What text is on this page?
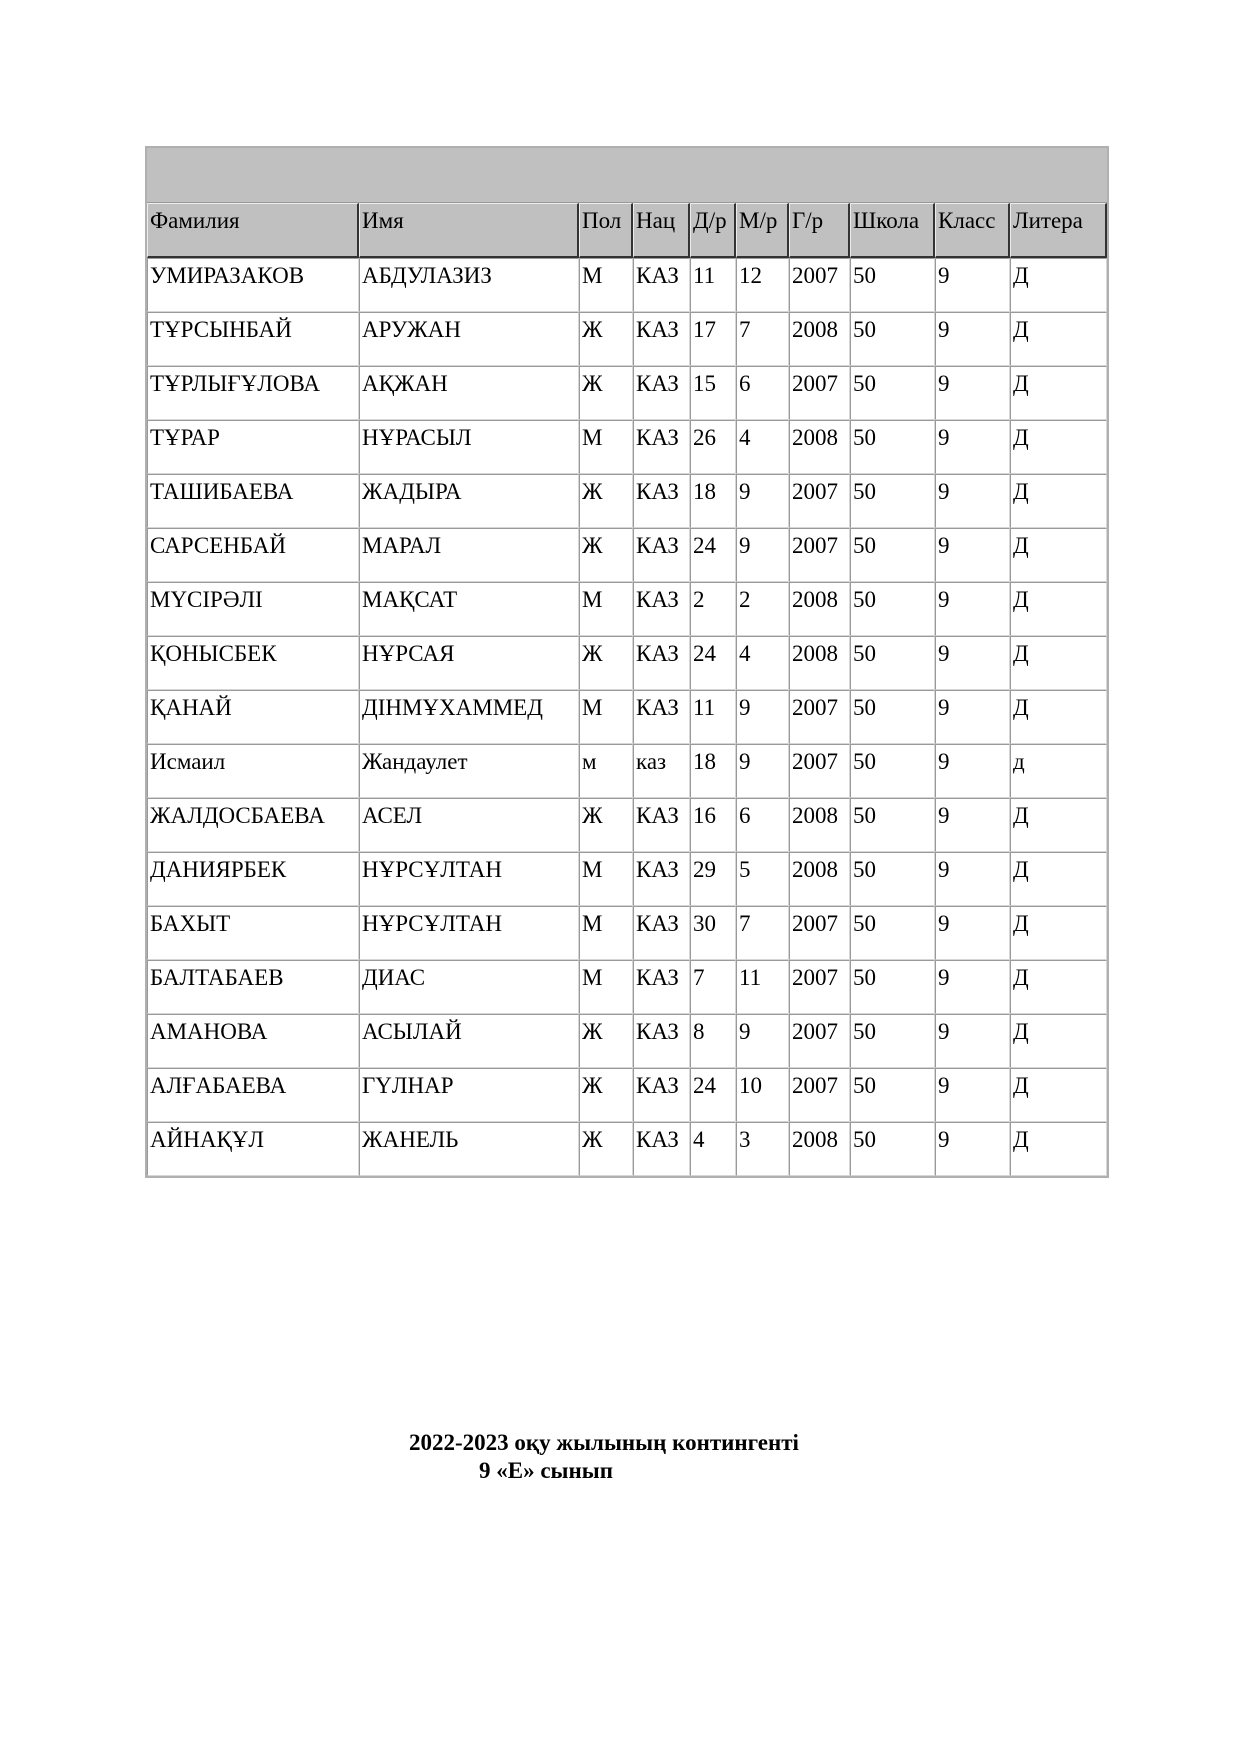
Фамилия	Имя	Пол	Нац	Д/р	М/р	Г/р	Школа	Класс	Литера
УМИРАЗАКОВ	АБДУЛАЗИЗ	М	КАЗ	11	12	2007	50	9	Д
ТҰРСЫНБАЙ	АРУЖАН	Ж	КАЗ	17	7	2008	50	9	Д
ТҰРЛЫҒҰЛОВА	АҚЖАН	Ж	КАЗ	15	6	2007	50	9	Д
ТҰРАР	НҰРАСЫЛ	М	КАЗ	26	4	2008	50	9	Д
ТАШИБАЕВА	ЖАДЫРА	Ж	КАЗ	18	9	2007	50	9	Д
САРСЕНБАЙ	МАРАЛ	Ж	КАЗ	24	9	2007	50	9	Д
МҮСІРӘЛІ	МАҚСАТ	М	КАЗ	2	2	2008	50	9	Д
ҚОНЫСБЕК	НҰРСАЯ	Ж	КАЗ	24	4	2008	50	9	Д
ҚАНАЙ	ДІНМҰХАММЕД	М	КАЗ	11	9	2007	50	9	Д
Исмаил	Жандаулет	м	каз	18	9	2007	50	9	д
ЖАЛДОСБАЕВА	АСЕЛ	Ж	КАЗ	16	6	2008	50	9	Д
ДАНИЯРБЕК	НҰРСҰЛТАН	М	КАЗ	29	5	2008	50	9	Д
БАХЫТ	НҰРСҰЛТАН	М	КАЗ	30	7	2007	50	9	Д
БАЛТАБАЕВ	ДИАС	М	КАЗ	7	11	2007	50	9	Д
АМАНОВА	АСЫЛАЙ	Ж	КАЗ	8	9	2007	50	9	Д
АЛҒАБАЕВА	ГҮЛНАР	Ж	КАЗ	24	10	2007	50	9	Д
АЙНАҚҰЛ	ЖАНЕЛЬ	Ж	КАЗ	4	3	2008	50	9	Д
2022-2023 оқу жылының контингенті
9 «Е» сынып
